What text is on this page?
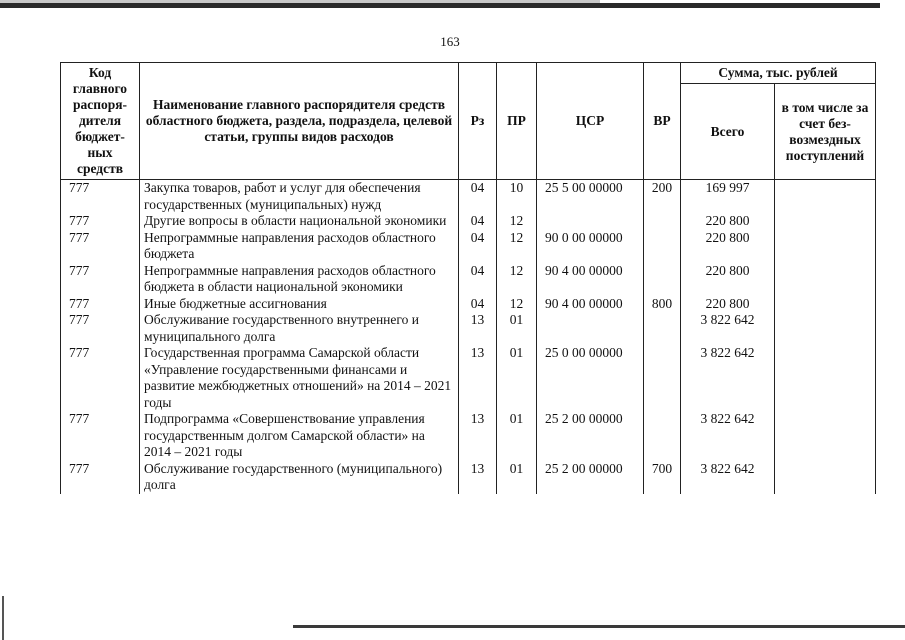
163
Код главного распоря-дителя бюджет-ных средств	Наименование главного распорядителя средств областного бюджета, раздела, подраздела, целевой статьи, группы видов расходов	Рз	ПР	ЦСР	ВР	Сумма, тыс. рублей	
						Всего	в том числе за счет без-возмездных поступлений
777	Закупка товаров, работ и услуг для обеспечения государственных (муниципальных) нужд	04	10	25 5 00 00000	200	169 997	
777	Другие вопросы в области национальной экономики	04	12			220 800	
777	Непрограммные направления расходов областного бюджета	04	12	90 0 00 00000		220 800	
777	Непрограммные направления расходов областного бюджета в области национальной экономики	04	12	90 4 00 00000		220 800	
777	Иные бюджетные ассигнования	04	12	90 4 00 00000	800	220 800	
777	Обслуживание государственного внутреннего и муниципального долга	13	01			3 822 642	
777	Государственная программа Самарской области «Управление государственными финансами и развитие межбюджетных отношений» на 2014 – 2021 годы	13	01	25 0 00 00000		3 822 642	
777	Подпрограмма «Совершенствование управления государственным долгом Самарской области» на 2014 – 2021 годы	13	01	25 2 00 00000		3 822 642	
777	Обслуживание государственного (муниципального) долга	13	01	25 2 00 00000	700	3 822 642	
